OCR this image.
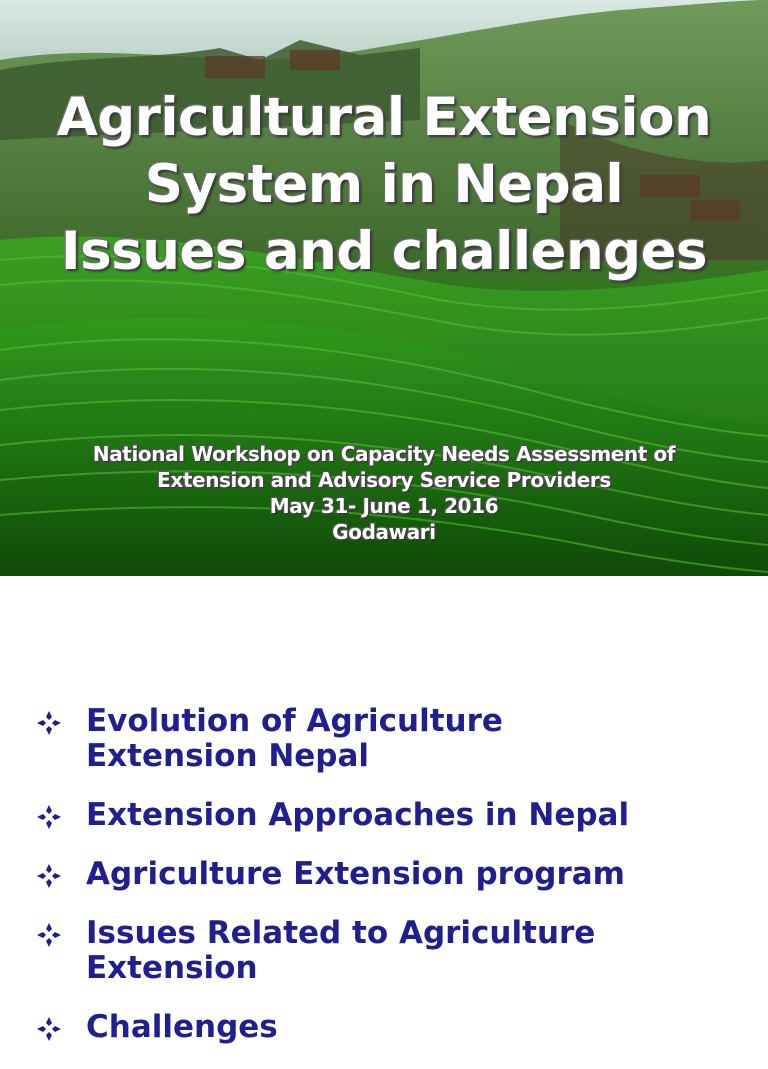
Agricultural Extension
System in Nepal
Issues and challenges
National Workshop on Capacity Needs Assessment of
Extension and Advisory Service Providers
May 31- June 1, 2016
Godawari
Evolution of Agriculture
Extension Nepal
Extension Approaches in Nepal
Agriculture Extension program
Issues Related to Agriculture
Extension
Challenges
